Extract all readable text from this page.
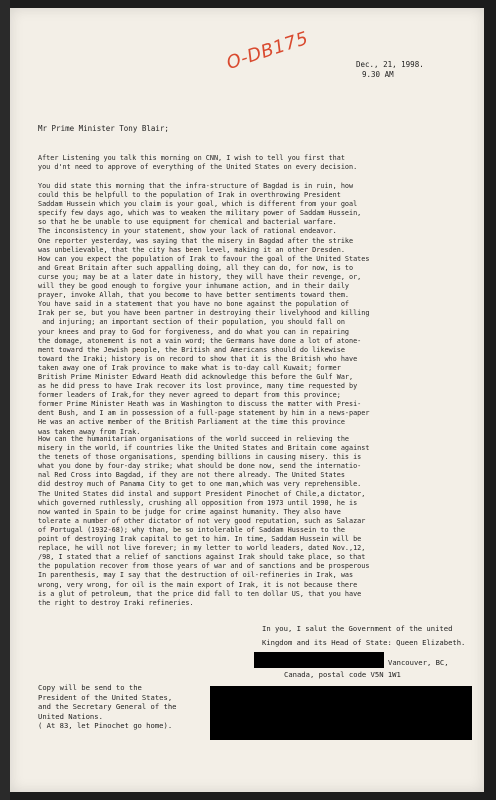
O-DB175	Dec., 21, 1998.
9.30 AM
Mr Prime Minister Tony Blair;
After Listening you talk this morning on CNN, I wish to tell you first that
you d'nt need to approve of everything of the United States on every decision.
You did state this morning that the infra-structure of Bagdad is in ruin, how
could this be helpfull to the population of Irak in overthrowing President
Saddam Hussein which you claim is your goal, which is different from your goal
specify few days ago, which was to weaken the military power of Saddam Hussein,
so that he be unable to use equipment for chemical and bacterial warfare.
The inconsistency in your statement, show your lack of rational endeavor.
One reporter yesterday, was saying that the misery in Bagdad after the strike
was unbelievable, that the city has been level, making it an other Dresden.
How can you expect the population of Irak to favour the goal of the United States
and Great Britain after such appalling doing, all they can do, for now, is to
curse you; may be at a later date in history, they will have their revenge, or,
will they be good enough to forgive your inhumane action, and in their daily
prayer, invoke Allah, that you become to have better sentiments toward them.
You have said in a statement that you have no bone against the population of
Irak per se, but you have been partner in destroying their livelyhood and killing
and injuring; an important section of their population, you should fall on
your knees and pray to God for forgiveness, and do what you can in repairing
the domage, atonement is not a vain word; the Germans have done a lot of atone-
ment toward the Jewish people, the British and Americans should do likewise
toward the Iraki; history is on record to show that it is the British who have
taken away one of Irak province to make what is to-day call Kuwait; former
British Prime Minister Edward Heath did acknowledge this before the Gulf War,
as he did press to have Irak recover its lost province, many time requested by
former leaders of Irak,for they never agreed to depart from this province;
former Prime Minister Heath was in Washington to discuss the matter with Presi-
dent Bush, and I am in possession of a full-page statement by him in a news-paper
He was an active member of the British Parliament at the time this province
was taken away from Irak.
How can the humanitarian organisations of the world succeed in relieving the
misery in the world, if countries like the United States and Britain come against
the tenets of those organisations, spending billions in causing misery. this is
what you done by four-day strike; what should be done now, send the internatio-
nal Red Cross into Bagdad, if they are not there already. The United States
did destroy much of Panama City to get to one man,which was very reprehensible.
The United States did instal and support President Pinochet of Chile,a dictator,
which governed ruthlessly, crushing all opposition from 1973 until 1990, he is
now wanted in Spain to be judge for crime against humanity. They also have
tolerate a number of other dictator of not very good reputation, such as Salazar
of Portugal (1932-68); why than, be so intolerable of Saddam Hussein to the
point of destroying Irak capital to get to him. In time, Saddam Hussein will be
replace, he will not live forever; in my letter to world leaders, dated Nov.,12,
/98, I stated that a relief of sanctions against Irak should take place, so that
the population recover from those years of war and of sanctions and be prosperous
In parenthesis, may I say that the destruction of oil-refineries in Irak, was
wrong, very wrong, for oil is the main export of Irak, it is not because there
is a glut of petroleum, that the price did fall to ten dollar US, that you have
the right to destroy Iraki refineries.
In you, I salut the Government of the united
Kingdom and its Head of State: Queen Elizabeth.
Vancouver, BC,
Canada, postal code V5N 1W1
Copy will be send to the
President of the United States,
and the Secretary General of the
United Nations.
( At 83, let Pinochet go home).
